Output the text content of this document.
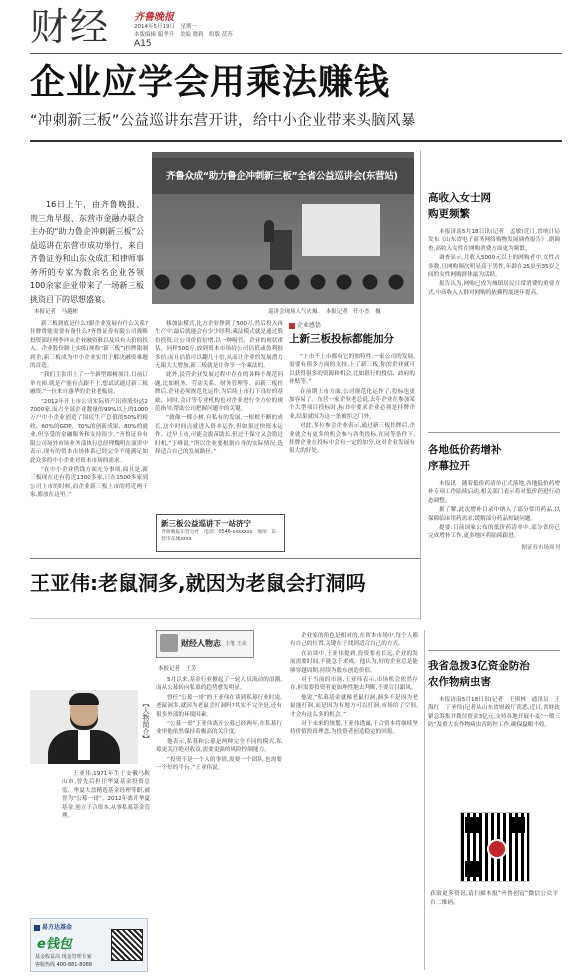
财经 齐鲁晚报
2014年5月19日　星期一
本版编辑 服孝升　美编 晓莉　组版 茯苏
A15
企业应学会用乘法赚钱
“冲刺新三板”公益巡讲东营开讲，给中小企业带来头脑风暴

16日上午，由齐鲁晚报、贵三角早报、东营市金融办联合主办的“助力鲁企冲刺新三板”公益巡讲在东营市成功举行，来自齐鲁证券和山东众成汇和律师事务所的专家为数余名企业各领100余家企业带来了一场新三板挑资目下的思想盛宴。

本报记者　马越彬
齐鲁众成“助力鲁企冲刺新三板”全省公益巡讲会(东营站)
巡讲会现场人气火爆。　本报记者　任小杰　摄

新三板到底是什么?跟企业发展有什么关系?挂牌鲁能需要有备什么?齐鲁证券有限公司战略投资部经理李冲从企业融资难以及具有天价的投入。企业股份制上实练(现称“新三板”)挂牌限制到企,新三板成为中小企业实用于解决融资难题的首选。

“我们主张用上了一个新型源树项目,目前订单充裕,就是产能有点跟不上,想试试通过新三板融资,”一位来自惠华的企业老板说。

“2012年开上市公司实际资产出资股份达27000家,而占全部企业数量的99%以上的1000万户中小企业创造了国民生产总值的50%的税收、60%的GDP、70%的创新成果、80%的就业,但享受的金融服务和支持很少。”齐鲁证券有限公司场外市场业务部执行总经理魏明在演讲中表示,现有的资本市场体系已经完全不能满足如此众多的中小企业对资本市场的需求。

“在中小企业借钱方面充分事项,面且是,新三板现在还有将近1300多家,只在1500多家到公司上市的时候,而企业新三板上市的将近两千家,都放在这里。”

移加法模式,比方企业挣到了500万,然后投入再生产中,最后就能会有少少经利;乘法模式就是通过股份投资,让公司价值倍增,以一种吸管、企业的现状重估。同样500万,放到资本市场给公司估值或盈利很多倍,而且估值可以翻几十倍,从而让企业的发展潜力无限大大增加,新三板就是让你享一个乘法的。

此外,民营企业发展过程中存在的各种不规范问题,比如税务、劳动关系、财务管理等。而新三板挂牌后,企业必须规范化运作,为后续上市打下良好的基础。同时,会计等专业机构也对企业进行全方位的规范指导,帮助公司把握问题中的关键。

“就像一棵小树,有私有的发展,一根根不断的成长,这个时间点就进入资本运作,但如果过快资本运作、过早上市,可能会拔苗助长,但过于保守又会错过时机,”王峰说,“所以企业要根据自身的实际情况,选择适合自己的发展路径。”

新三板公益巡讲下一站济宁
齐鲁晚报东营分社　电话：0546-xxxxxxx　地址：东营市东城xxxx
企业感悟
上新三板投标都能加分

“上市不上市都有它的独特性,一家公司的发展,需要有很多方面的支持,上了新三板,你的企业就可以获得很多的资源和机会,比如银行的授信、政府的补贴等。”

在前期上市方面,公司规范化运作了,投标也更加容易了。东营一家企业老总说,去年企业在参加某个大型项目投标时,标书中要求企业必须是挂牌企业,结果就因为这一条被拒之门外。

对此,多位参会企业表示,通过新三板挂牌后,企业就会有更多的机会参与各类投标,在同等条件下,挂牌企业在投标中会有一定的加分,这对企业发展有很大的好处。

高收入女士网购更频繁

本报济南5月18日讯(记者　孟敏)近日,省统计局发布《山东省电子商务网络购物发展调查报告》,据调查,高收入女性在网购消费方面更为频繁。

调查显示,月收入5000元以上的网购者中,女性占多数,且网购频次明显高于男性,年龄在25岁至35岁之间的女性网购群体最为活跃。

报告认为,网购已成为城镇居民日常消费的重要方式,中高收入人群对网购的依赖程度逐年提高。

各地低价药增补序幕拉开

本报讯　随着低价药清单正式落地,各地低价药增补专项工作陆续启动,相关部门表示将对低价药进行动态调整。

据了解,此次增补目录中纳入了部分常用药品,以保障临床用药需求,缓解部分药品短缺问题。

提要:目前国家公布的低价药清单中,部分省份已完成增补工作,更多地区将陆续跟进。

据证券市场周刊
我省急拨3亿资金防治农作物病虫害

本报济南5月18日讯(记者　王琪林　通讯员　王海红　丁圣伟)记者从山东省财政厅获悉,近日,省财政紧急筹集并拨付资金3亿元,支持各地开展小麦“一喷三防”及重大农作物病虫害防控工作,确保夏粮丰收。

获取更多资讯,请扫描本报“齐鲁创富”微信公众平台二维码。
王亚伟:老鼠洞多,就因为老鼠会打洞吗
【人物简介】

王亚伟:1971年生于安徽马鞍山市,曾先后担任华夏基金投资总监、华夏大盘精选基金经理等职,被誉为“公募一哥”。2012年离开华夏基金,创立千合资本,从事私募基金管理。

财经人物志 主笔 王美
本报记者　王芳

5月以来,基金行业掀起了一轮人员流动的浪潮,而从公募转向私募的趋势愈发明显。

曾任“公募一哥”的王亚伟在谈到私募行业时说,老鼠洞多,就因为老鼠会打洞吗?其实不完全是,还有很多外部的环境因素。

“公募一哥”王亚伟离开公募已经两年,在私募行业里他依然保持着极高的关注度。

他表示,私募和公募是两种完全不同的模式,私募更关注绝对收益,需要更强的风险控制能力。

“投资不是一个人的事情,需要一个团队,也需要一个好的平台。”王亚伟说。

企业家的角色是相对的,在资本市场中,每个人都有自己的位置,关键在于找到适合自己的方式。

在访谈中,王亚伟提到,投资要看长远,企业的发展需要时间,不能急于求成。他认为,好的企业总是能够穿越周期,持续为股东创造价值。

对于当前的市场,王亚伟表示,市场机会依然存在,但需要投资者更加理性地去判断,不要盲目跟风。

他说,“私募基金就像老鼠打洞,洞多不是因为老鼠能打洞,而是因为有地方可以打洞,市场给了空间,才会有这么多的机会。”

对于未来的规划,王亚伟透露,千合资本将继续坚持价值投资理念,为投资者创造稳定的回报。

易方达基金
e钱包
基金收益高 现金管理专家
客服热线 400-881-8088
